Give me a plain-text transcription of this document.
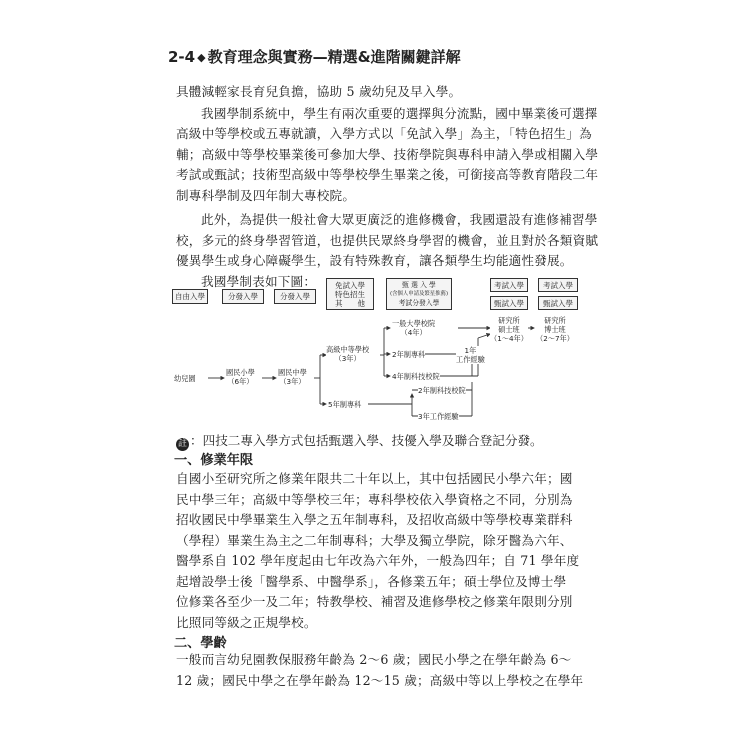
2-4 ◆ 教育理念與實務—精選&進階關鍵詳解
具體減輕家長育兒負擔，協助 5 歲幼兒及早入學。
我國學制系統中，學生有兩次重要的選擇與分流點，國中畢業後可選擇
高級中等學校或五專就讀，入學方式以「免試入學」為主，「特色招生」為
輔；高級中等學校畢業後可參加大學、技術學院與專科申請入學或相關入學
考試或甄試；技術型高級中等學校學生畢業之後，可銜接高等教育階段二年
制專科學制及四年制大專校院。
此外，為提供一般社會大眾更廣泛的進修機會，我國還設有進修補習學
校，多元的終身學習管道，也提供民眾終身學習的機會，並且對於各類資賦
優異學生或身心障礙學生，設有特殊教育，讓各類學生均能適性發展。
我國學制表如下圖：
自由入學	分發入學	分發入學
免試入學
特色招生
其　　他
甄 選 入 學
(含個人申請及繁星推薦)
考試分發入學
考試入學	考試入學
甄試入學	甄試入學
幼兒園
國民小學
（6年）
國民中學
（3年）
高級中等學校
（3年）
一般大學校院
（4年）
2年制專科
4年制科技校院
2年制科技校院
5年制專科
1年
工作經驗
3年工作經驗
研究所
碩士班
（1～4年）
研究所
博士班
（2～7年）
註 ：四技二專入學方式包括甄選入學、技優入學及聯合登記分發。
一、修業年限
自國小至研究所之修業年限共二十年以上，其中包括國民小學六年；國
民中學三年；高級中等學校三年；專科學校依入學資格之不同，分別為
招收國民中學畢業生入學之五年制專科，及招收高級中等學校專業群科
（學程）畢業生為主之二年制專科；大學及獨立學院，除牙醫為六年、
醫學系自 102 學年度起由七年改為六年外，一般為四年；自 71 學年度
起增設學士後「醫學系、中醫學系」，各修業五年；碩士學位及博士學
位修業各至少一及二年；特教學校、補習及進修學校之修業年限則分別
比照同等級之正規學校。
二、學齡
一般而言幼兒園教保服務年齡為 2～6 歲；國民小學之在學年齡為 6～
12 歲；國民中學之在學年齡為 12～15 歲；高級中等以上學校之在學年
